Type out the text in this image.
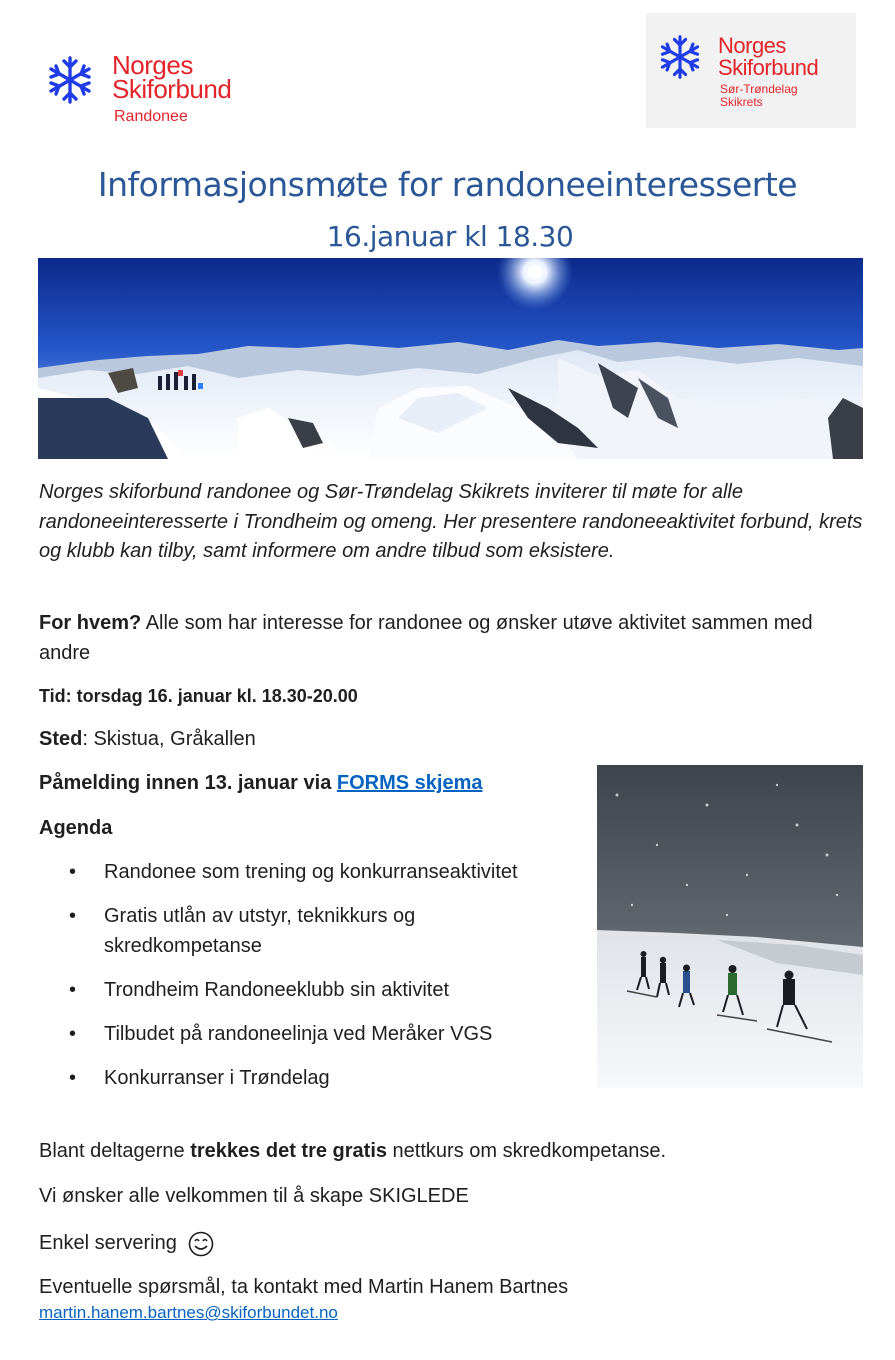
Norges
Skiforbund
Randonee
Norges
Skiforbund
Sør-Trøndelag
Skikrets
Informasjonsmøte for randoneeinteresserte
16.januar kl 18.30
Norges skiforbund randonee og Sør-Trøndelag Skikrets inviterer til møte for alle randoneeinteresserte i Trondheim og omeng. Her presentere randoneeaktivitet forbund, krets og klubb kan tilby, samt informere om andre tilbud som eksistere.
For hvem? Alle som har interesse for randonee og ønsker utøve aktivitet sammen med andre
Tid: torsdag 16. januar kl. 18.30-20.00
Sted: Skistua, Gråkallen
Påmelding innen 13. januar via FORMS skjema
Agenda
• Randonee som trening og konkurranseaktivitet
• Gratis utlån av utstyr, teknikkurs og skredkompetanse
• Trondheim Randoneeklubb sin aktivitet
• Tilbudet på randoneelinja ved Meråker VGS
• Konkurranser i Trøndelag
Blant deltagerne trekkes det tre gratis nettkurs om skredkompetanse.
Vi ønsker alle velkommen til å skape SKIGLEDE
Enkel servering
Eventuelle spørsmål, ta kontakt med Martin Hanem Bartnes
martin.hanem.bartnes@skiforbundet.no
